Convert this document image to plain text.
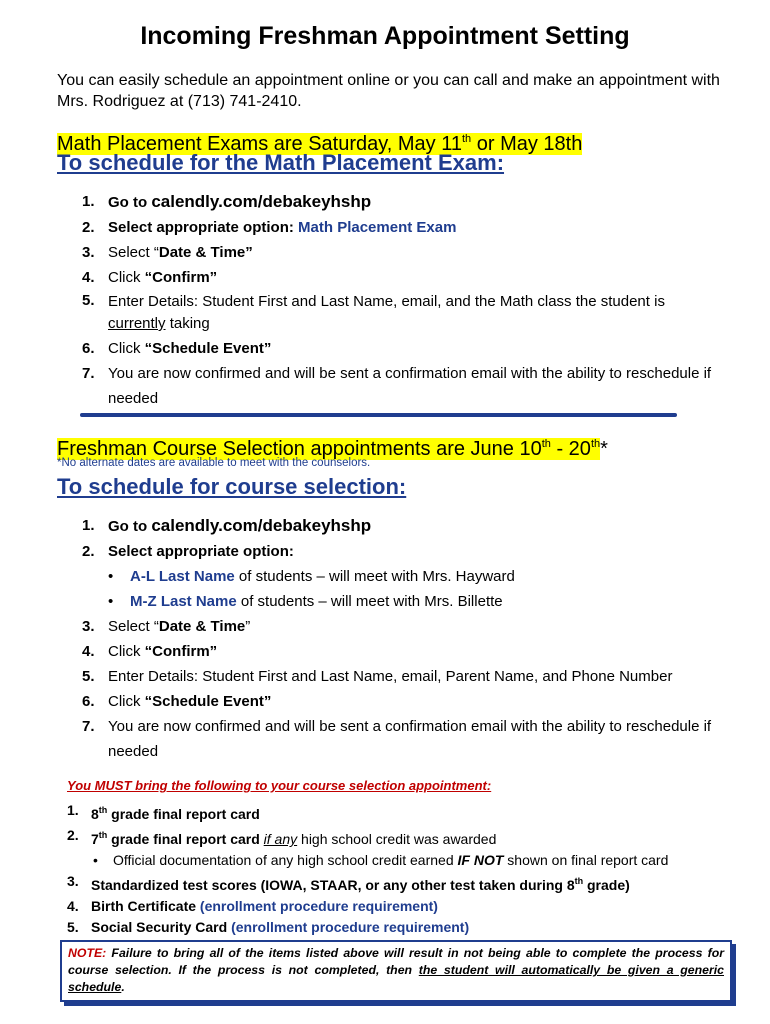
Incoming Freshman Appointment Setting

You can easily schedule an appointment online or you can call and make an appointment with Mrs. Rodriguez at (713) 741-2410.

Math Placement Exams are Saturday, May 11th or May 18th
To schedule for the Math Placement Exam:
1. Go to calendly.com/debakeyhshp
2. Select appropriate option: Math Placement Exam
3. Select “Date & Time”
4. Click “Confirm”
5. Enter Details: Student First and Last Name, email, and the Math class the student is currently taking
6. Click “Schedule Event”
7. You are now confirmed and will be sent a confirmation email with the ability to reschedule if needed
Freshman Course Selection appointments are June 10th - 20th*
*No alternate dates are available to meet with the counselors.
To schedule for course selection:
1. Go to calendly.com/debakeyhshp
2. Select appropriate option:
• A-L Last Name of students – will meet with Mrs. Hayward
• M-Z Last Name of students – will meet with Mrs. Billette
3. Select “Date & Time”
4. Click “Confirm”
5. Enter Details: Student First and Last Name, email, Parent Name, and Phone Number
6. Click “Schedule Event”
7. You are now confirmed and will be sent a confirmation email with the ability to reschedule if needed
You MUST bring the following to your course selection appointment:
1. 8th grade final report card
2. 7th grade final report card if any high school credit was awarded
• Official documentation of any high school credit earned IF NOT shown on final report card
3. Standardized test scores (IOWA, STAAR, or any other test taken during 8th grade)
4. Birth Certificate (enrollment procedure requirement)
5. Social Security Card (enrollment procedure requirement)
NOTE: Failure to bring all of the items listed above will result in not being able to complete the process for course selection. If the process is not completed, then the student will automatically be given a generic schedule.
